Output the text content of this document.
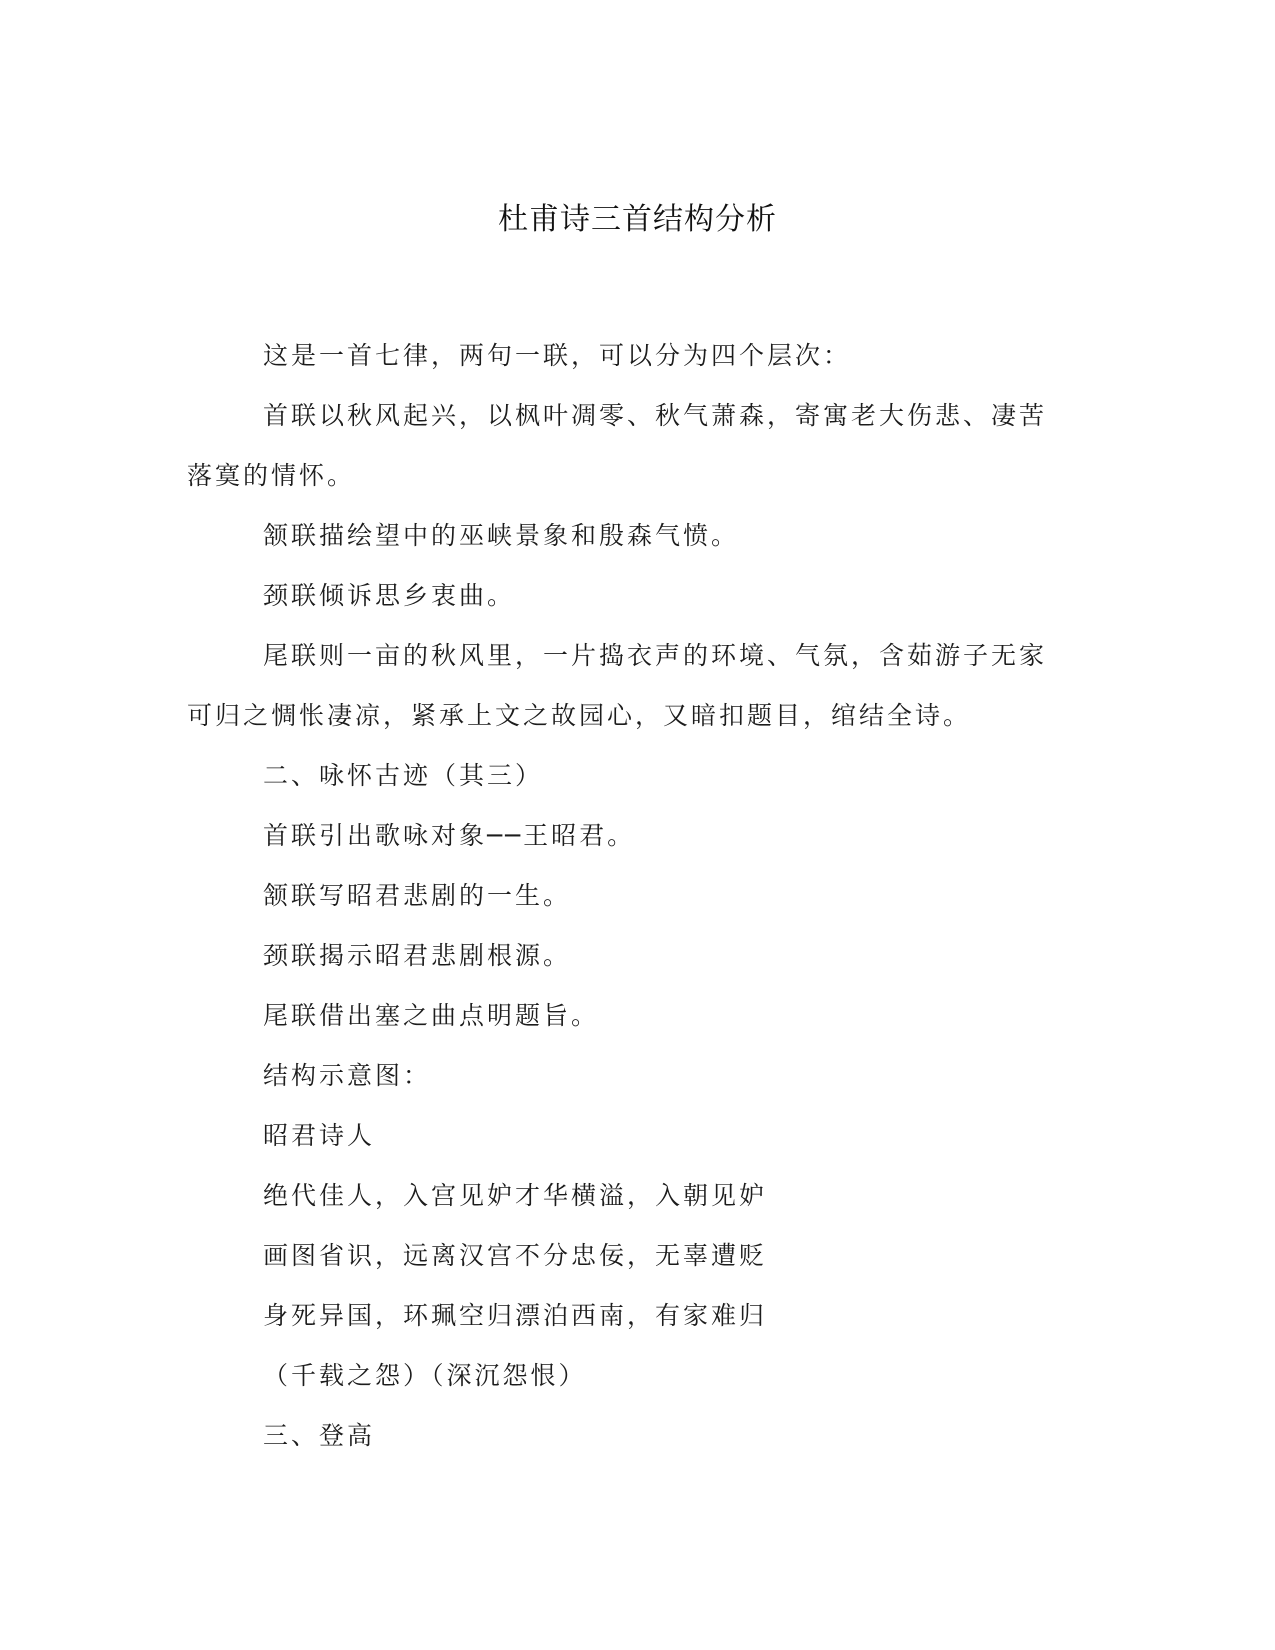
杜甫诗三首结构分析

这是一首七律，两句一联，可以分为四个层次：

首联以秋风起兴，以枫叶凋零、秋气萧森，寄寓老大伤悲、凄苦落寞的情怀。

颔联描绘望中的巫峡景象和殷森气愤。

颈联倾诉思乡衷曲。

尾联则一亩的秋风里，一片捣衣声的环境、气氛，含茹游子无家可归之惆怅凄凉，紧承上文之故园心，又暗扣题目，绾结全诗。

二、咏怀古迹（其三）

首联引出歌咏对象──王昭君。

颔联写昭君悲剧的一生。

颈联揭示昭君悲剧根源。

尾联借出塞之曲点明题旨。

结构示意图：

昭君诗人

绝代佳人，入宫见妒才华横溢，入朝见妒

画图省识，远离汉宫不分忠佞，无辜遭贬

身死异国，环珮空归漂泊西南，有家难归

（千载之怨）（深沉怨恨）

三、登高
